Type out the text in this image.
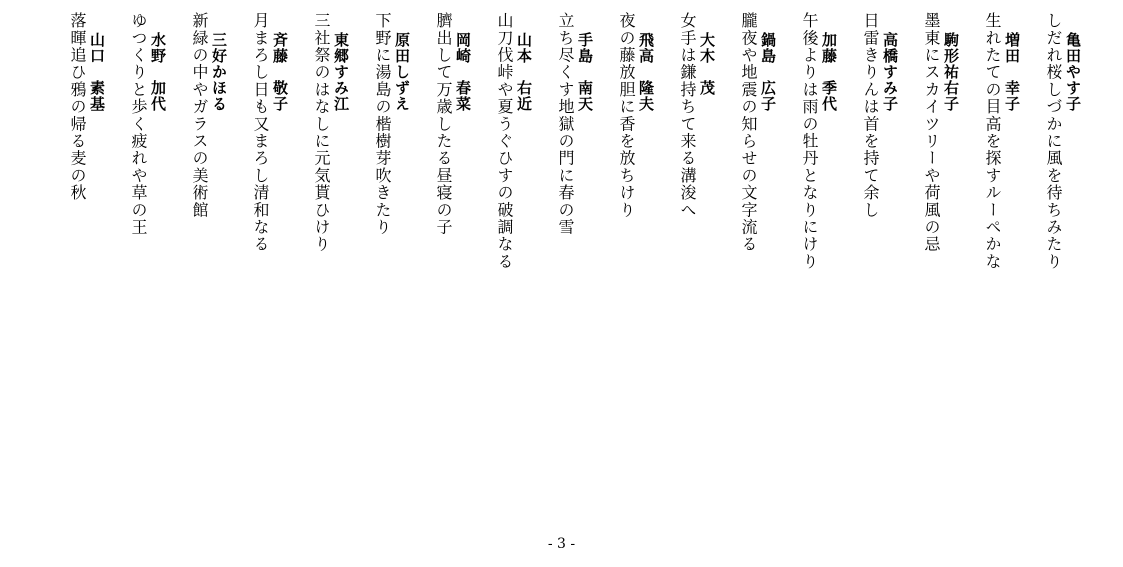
亀田やす子
しだれ桜しづかに風を待ちみたり
増田　幸子
生れたての目高を探すルーペかな
駒形祐右子
墨東にスカイツリーや荷風の忌
高橋すみ子
日雷きりんは首を持て余し
加藤　季代
午後よりは雨の牡丹となりにけり
鍋島　広子
朧夜や地震の知らせの文字流る
大木　茂
女手は鎌持ちて来る溝浚へ
飛高　隆夫
夜の藤放胆に香を放ちけり
手島　南天
立ち尽くす地獄の門に春の雪
山本　右近
山刀伐峠や夏うぐひすの破調なる
岡崎　春菜
臍出して万歳したる昼寝の子
原田しずえ
下野に湯島の楷樹芽吹きたり
東郷すみ江
三社祭のはなしに元気貰ひけり
斉藤　敬子
月まろし日も又まろし清和なる
三好かほる
新緑の中やガラスの美術館
水野　加代
ゆつくりと歩く疲れや草の王
山口　素基
落暉追ひ鴉の帰る麦の秋
- 3 -
